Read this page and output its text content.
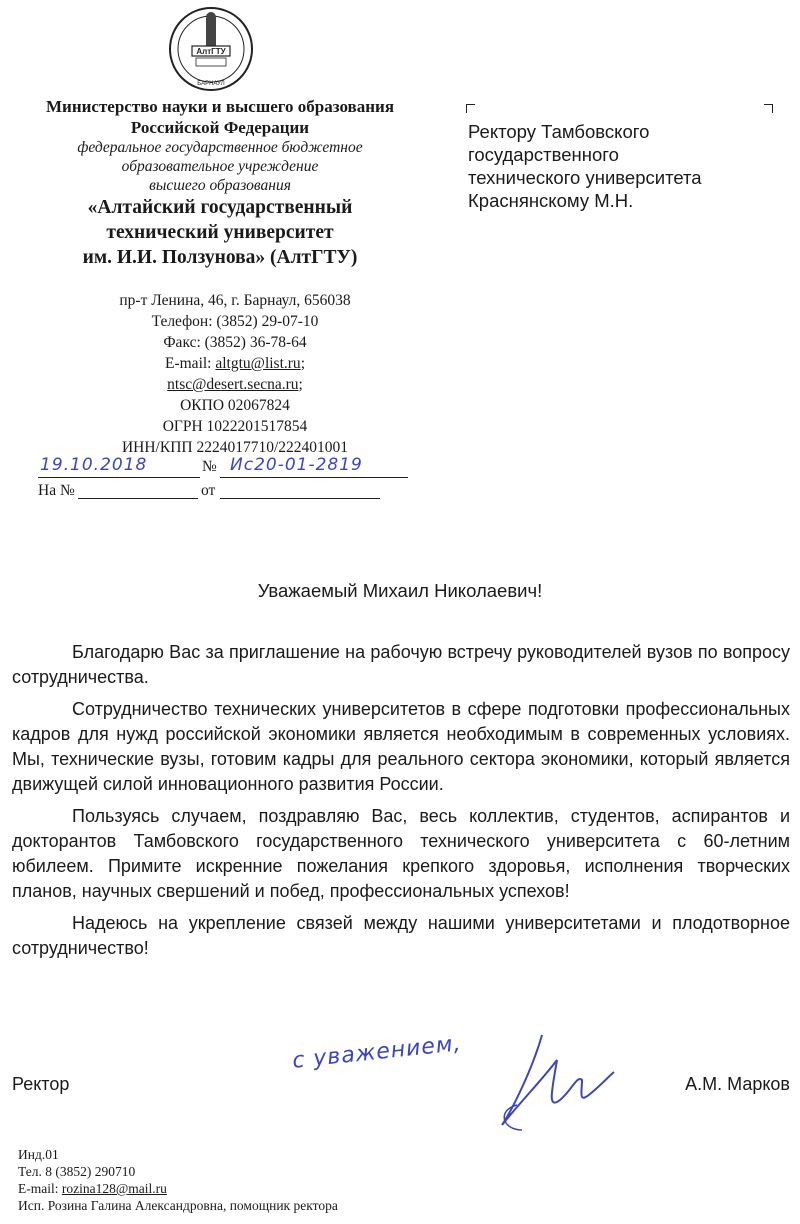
АлтГТУ
БАРНАУЛ
Министерство науки и высшего образования
Российской Федерации
федеральное государственное бюджетное
образовательное учреждение
высшего образования
«Алтайский государственный
технический университет
им. И.И. Ползунова» (АлтГТУ)
пр-т Ленина, 46, г. Барнаул, 656038
Телефон: (3852) 29-07-10
Факс: (3852) 36-78-64
E-mail: altgtu@list.ru;
ntsc@desert.secna.ru;
ОКПО 02067824
ОГРН 1022201517854
ИНН/КПП 2224017710/222401001
19.10.2018	№ Ис20-01-2819
На №	от
Ректору Тамбовского
государственного
технического университета
Краснянскому М.Н.
Уважаемый Михаил Николаевич!

Благодарю Вас за приглашение на рабочую встречу руководителей вузов по вопросу сотрудничества.

Сотрудничество технических университетов в сфере подготовки профессиональных кадров для нужд российской экономики является необходимым в современных условиях. Мы, технические вузы, готовим кадры для реального сектора экономики, который является движущей силой инновационного развития России.

Пользуясь случаем, поздравляю Вас, весь коллектив, студентов, аспирантов и докторантов Тамбовского государственного технического университета с 60-летним юбилеем. Примите искренние пожелания крепкого здоровья, исполнения творческих планов, научных свершений и побед, профессиональных успехов!

Надеюсь на укрепление связей между нашими университетами и плодотворное сотрудничество!

с уважением,
Ректор	А.М. Марков
Инд.01
Тел. 8 (3852) 290710
E-mail: rozina128@mail.ru
Исп. Розина Галина Александровна, помощник ректора
